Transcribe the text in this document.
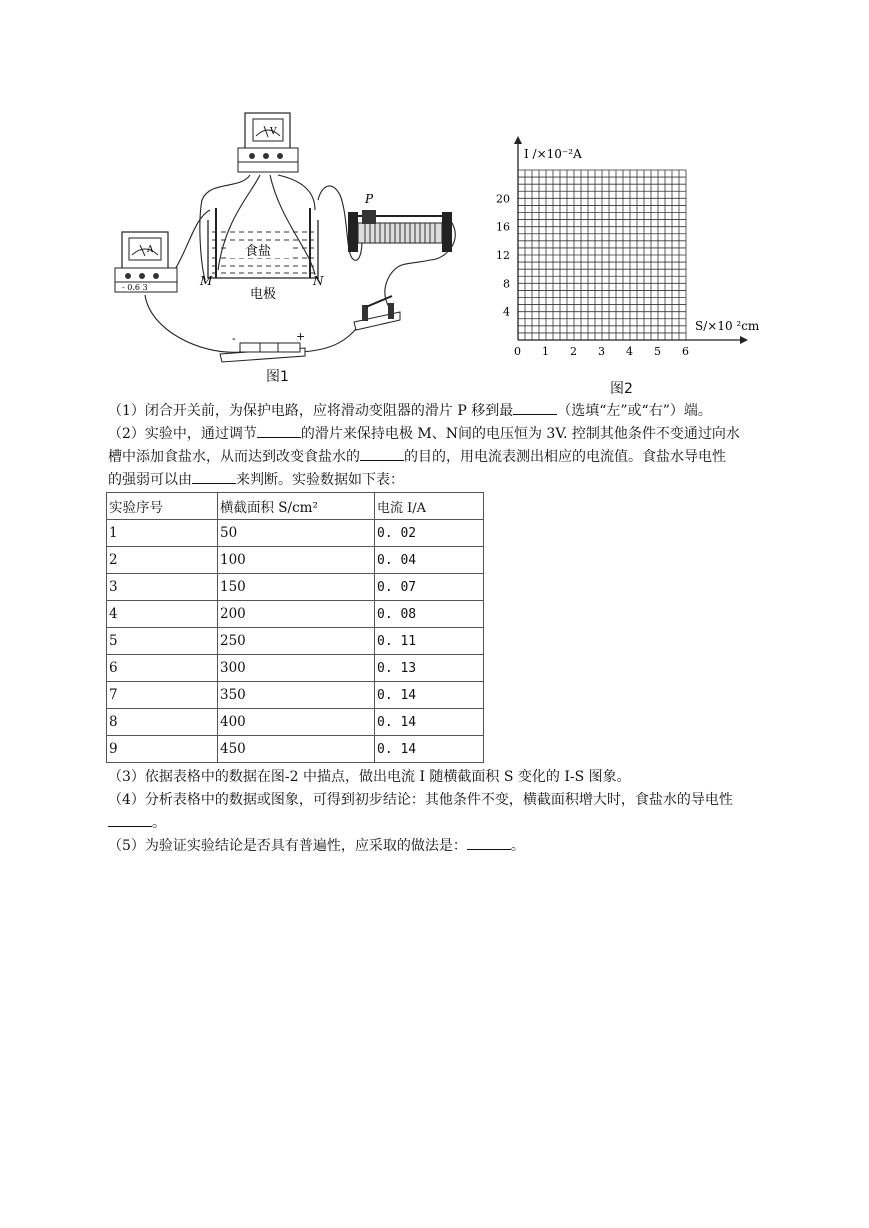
V
A
- 0.6 3
食盐
M	N
电极
P
-	+
图1
I /×10⁻²A
S/×10 ²cm
0 1 2 3 4 5 6
4
8
12
16
20
图2
（1）闭合开关前，为保护电路，应将滑动变阻器的滑片 P 移到最	（选填“左”或“右”）端。
（2）实验中，通过调节	的滑片来保持电极 M、N间的电压恒为 3V. 控制其他条件不变通过向水
槽中添加食盐水，从而达到改变食盐水的	的目的，用电流表测出相应的电流值。食盐水导电性
的强弱可以由	来判断。实验数据如下表：
实验序号	横截面积 S/cm²	电流 I/A
1	50	0. 02
2	100	0. 04
3	150	0. 07
4	200	0. 08
5	250	0. 11
6	300	0. 13
7	350	0. 14
8	400	0. 14
9	450	0. 14
（3）依据表格中的数据在图-2 中描点，做出电流 I 随横截面积 S 变化的 I-S 图象。
（4）分析表格中的数据或图象，可得到初步结论：其他条件不变，横截面积增大时，食盐水的导电性
。
（5）为验证实验结论是否具有普遍性，应采取的做法是：	。
